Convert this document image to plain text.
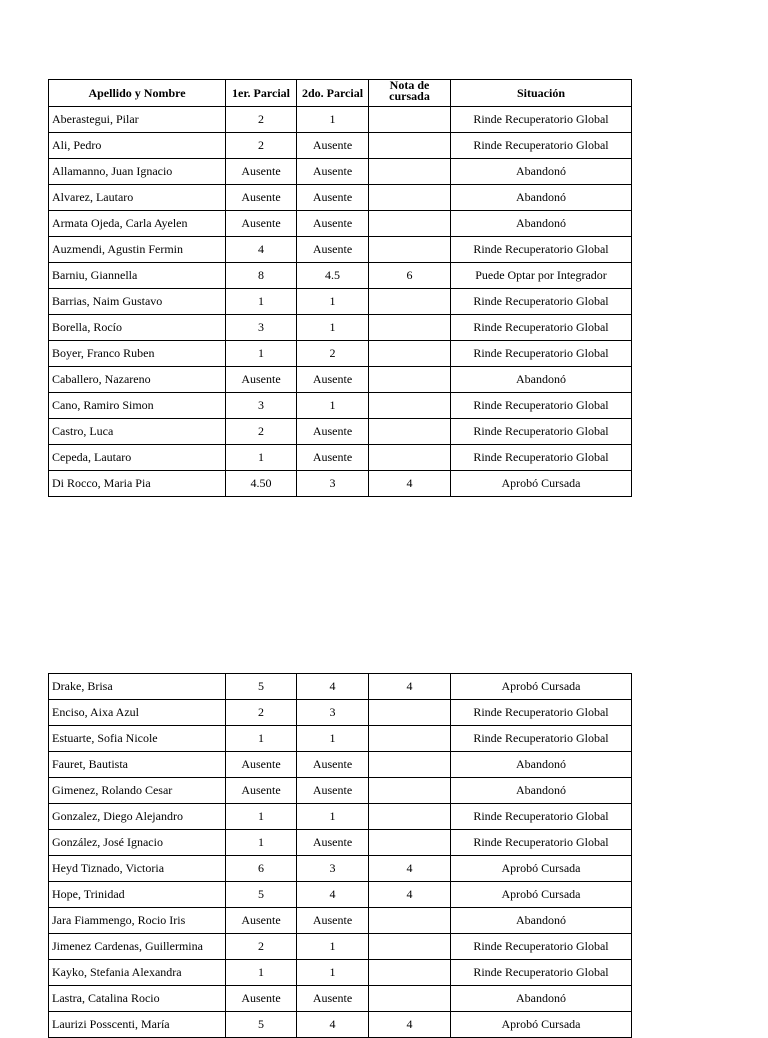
Apellido y Nombre	1er. Parcial	2do. Parcial	Nota de cursada	Situación
Aberastegui, Pilar	2	1		Rinde Recuperatorio Global
Ali, Pedro	2	Ausente		Rinde Recuperatorio Global
Allamanno, Juan Ignacio	Ausente	Ausente		Abandonó
Alvarez, Lautaro	Ausente	Ausente		Abandonó
Armata Ojeda, Carla Ayelen	Ausente	Ausente		Abandonó
Auzmendi, Agustin Fermin	4	Ausente		Rinde Recuperatorio Global
Barniu, Giannella	8	4.5	6	Puede Optar por Integrador
Barrias, Naim Gustavo	1	1		Rinde Recuperatorio Global
Borella, Rocío	3	1		Rinde Recuperatorio Global
Boyer, Franco Ruben	1	2		Rinde Recuperatorio Global
Caballero, Nazareno	Ausente	Ausente		Abandonó
Cano, Ramiro Simon	3	1		Rinde Recuperatorio Global
Castro, Luca	2	Ausente		Rinde Recuperatorio Global
Cepeda, Lautaro	1	Ausente		Rinde Recuperatorio Global
Di Rocco, Maria Pia	4.50	3	4	Aprobó Cursada
Drake, Brisa	5	4	4	Aprobó Cursada
Enciso, Aixa Azul	2	3		Rinde Recuperatorio Global
Estuarte, Sofia Nicole	1	1		Rinde Recuperatorio Global
Fauret, Bautista	Ausente	Ausente		Abandonó
Gimenez, Rolando Cesar	Ausente	Ausente		Abandonó
Gonzalez, Diego Alejandro	1	1		Rinde Recuperatorio Global
González, José Ignacio	1	Ausente		Rinde Recuperatorio Global
Heyd Tiznado, Victoria	6	3	4	Aprobó Cursada
Hope, Trinidad	5	4	4	Aprobó Cursada
Jara Fiammengo, Rocio Iris	Ausente	Ausente		Abandonó
Jimenez Cardenas, Guillermina	2	1		Rinde Recuperatorio Global
Kayko, Stefania Alexandra	1	1		Rinde Recuperatorio Global
Lastra, Catalina Rocio	Ausente	Ausente		Abandonó
Laurizi Posscenti, María	5	4	4	Aprobó Cursada
